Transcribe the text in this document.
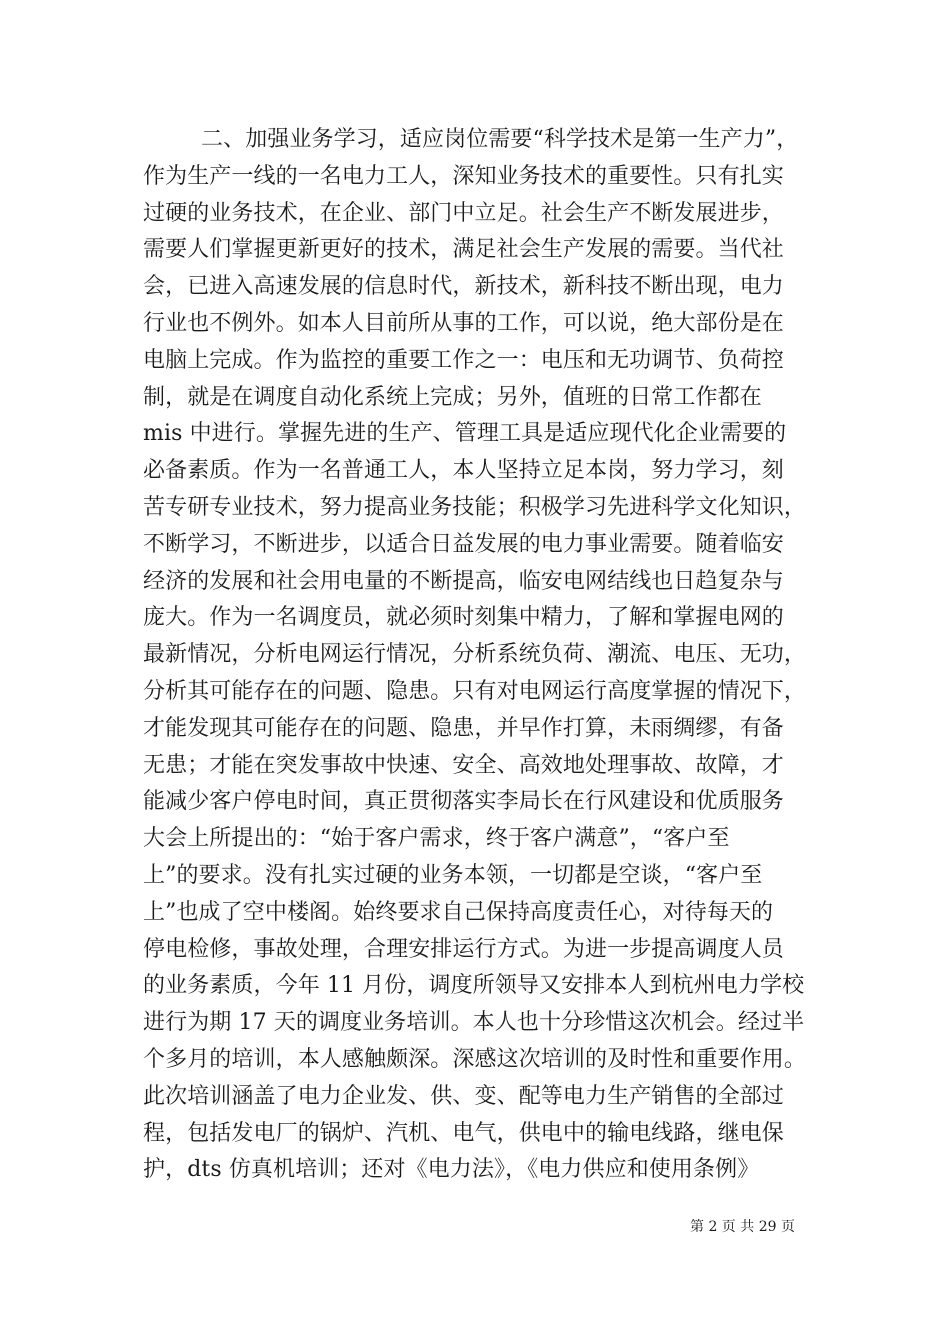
二、加强业务学习，适应岗位需要“科学技术是第一生产力”，
作为生产一线的一名电力工人，深知业务技术的重要性。只有扎实
过硬的业务技术，在企业、部门中立足。社会生产不断发展进步，
需要人们掌握更新更好的技术，满足社会生产发展的需要。当代社
会，已进入高速发展的信息时代，新技术，新科技不断出现，电力
行业也不例外。如本人目前所从事的工作，可以说，绝大部份是在
电脑上完成。作为监控的重要工作之一：电压和无功调节、负荷控
制，就是在调度自动化系统上完成；另外，值班的日常工作都在
mis 中进行。掌握先进的生产、管理工具是适应现代化企业需要的
必备素质。作为一名普通工人，本人坚持立足本岗，努力学习，刻
苦专研专业技术，努力提高业务技能；积极学习先进科学文化知识，
不断学习，不断进步，以适合日益发展的电力事业需要。随着临安
经济的发展和社会用电量的不断提高，临安电网结线也日趋复杂与
庞大。作为一名调度员，就必须时刻集中精力，了解和掌握电网的
最新情况，分析电网运行情况，分析系统负荷、潮流、电压、无功，
分析其可能存在的问题、隐患。只有对电网运行高度掌握的情况下，
才能发现其可能存在的问题、隐患，并早作打算，未雨绸缪，有备
无患；才能在突发事故中快速、安全、高效地处理事故、故障，才
能减少客户停电时间，真正贯彻落实李局长在行风建设和优质服务
大会上所提出的：“始于客户需求，终于客户满意”，“客户至
上”的要求。没有扎实过硬的业务本领，一切都是空谈，“客户至
上”也成了空中楼阁。始终要求自己保持高度责任心，对待每天的
停电检修，事故处理，合理安排运行方式。为进一步提高调度人员
的业务素质，今年 11 月份，调度所领导又安排本人到杭州电力学校
进行为期 17 天的调度业务培训。本人也十分珍惜这次机会。经过半
个多月的培训，本人感触颇深。深感这次培训的及时性和重要作用。
此次培训涵盖了电力企业发、供、变、配等电力生产销售的全部过
程，包括发电厂的锅炉、汽机、电气，供电中的输电线路，继电保
护，dts 仿真机培训；还对《电力法》，《电力供应和使用条例》
第 2 页 共 29 页
